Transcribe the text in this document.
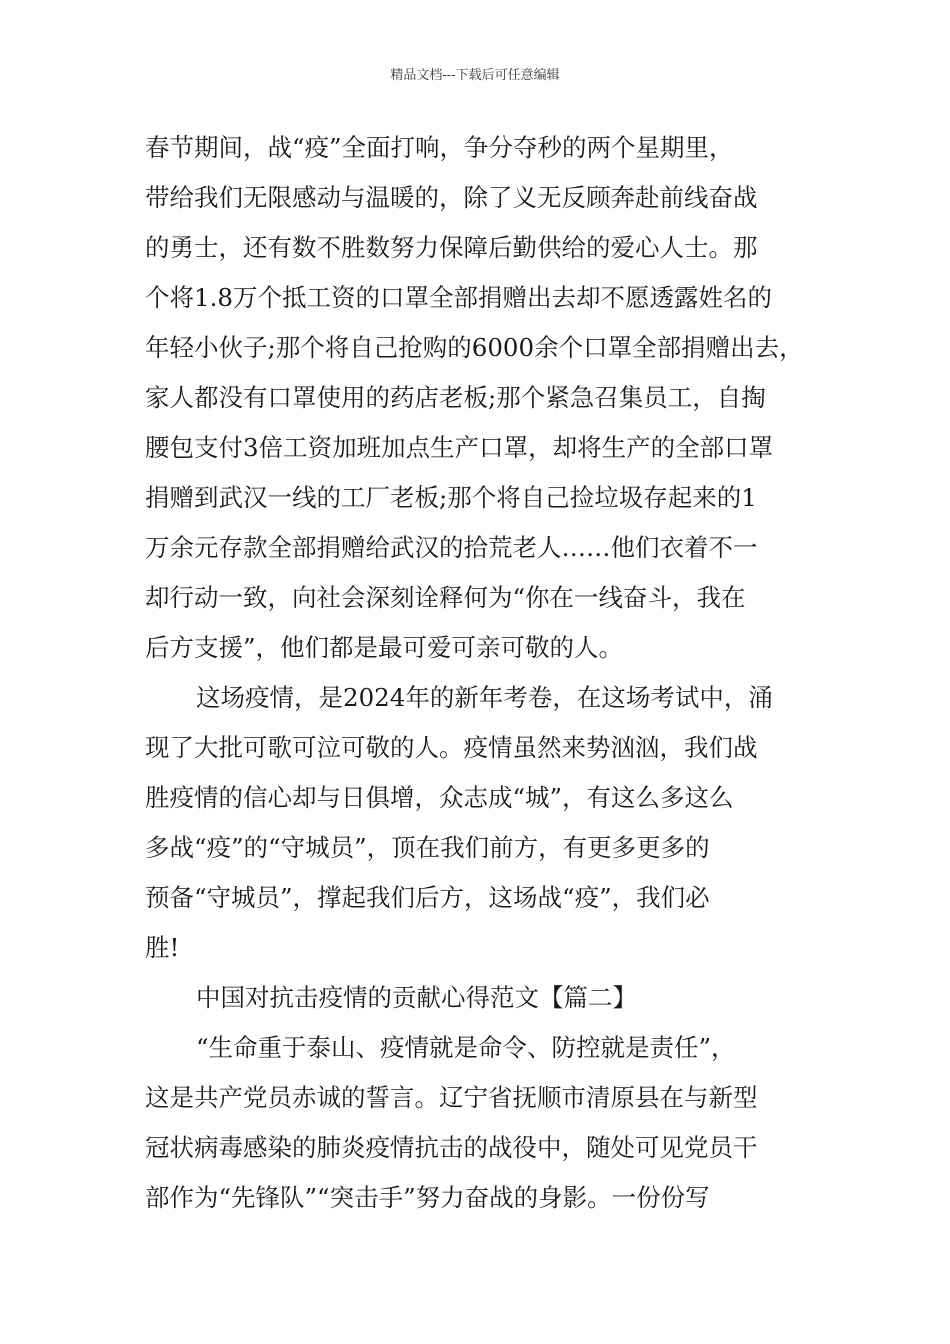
精品文档---下载后可任意编辑

春节期间，战“疫”全面打响，争分夺秒的两个星期里，

带给我们无限感动与温暖的，除了义无反顾奔赴前线奋战

的勇士，还有数不胜数努力保障后勤供给的爱心人士。那

个将1.8万个抵工资的口罩全部捐赠出去却不愿透露姓名的

年轻小伙子;那个将自己抢购的6000余个口罩全部捐赠出去，

家人都没有口罩使用的药店老板;那个紧急召集员工，自掏

腰包支付3倍工资加班加点生产口罩，却将生产的全部口罩

捐赠到武汉一线的工厂老板;那个将自己捡垃圾存起来的1

万余元存款全部捐赠给武汉的拾荒老人……他们衣着不一

却行动一致，向社会深刻诠释何为“你在一线奋斗，我在

后方支援”，他们都是最可爱可亲可敬的人。

这场疫情，是2024年的新年考卷，在这场考试中，涌

现了大批可歌可泣可敬的人。疫情虽然来势汹汹，我们战

胜疫情的信心却与日俱增，众志成“城”，有这么多这么

多战“疫”的“守城员”，顶在我们前方，有更多更多的

预备“守城员”，撑起我们后方，这场战“疫”，我们必

胜!

中国对抗击疫情的贡献心得范文【篇二】

“生命重于泰山、疫情就是命令、防控就是责任”，

这是共产党员赤诚的誓言。辽宁省抚顺市清原县在与新型

冠状病毒感染的肺炎疫情抗击的战役中，随处可见党员干

部作为“先锋队”“突击手”努力奋战的身影。一份份写
